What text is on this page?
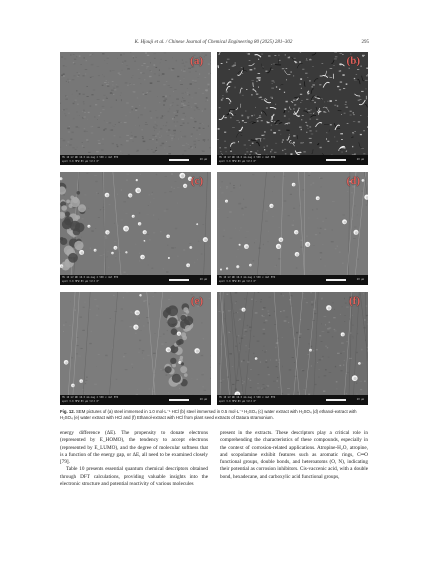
K. Hjouji et al. / Chinese Journal of Chemical Engineering 80 (2025) 281–302	295
(a)
HV 10 kV WD 10.0 mm mag 2 500 x det ETD
spot 3.0 HFW 83 µm tilt 0°
20 µm
(b)
HV 10 kV WD 10.0 mm mag 2 500 x det ETD
spot 3.0 HFW 83 µm tilt 0°
20 µm
(c)
HV 10 kV WD 10.0 mm mag 2 500 x det ETD
spot 3.0 HFW 83 µm tilt 0°
20 µm
(d)
HV 10 kV WD 10.0 mm mag 2 500 x det ETD
spot 3.0 HFW 83 µm tilt 0°
20 µm
(e)
HV 10 kV WD 10.0 mm mag 2 500 x det ETD
spot 3.0 HFW 83 µm tilt 0°
20 µm
(f)
HV 10 kV WD 10.0 mm mag 2 500 x det ETD
spot 3.0 HFW 83 µm tilt 0°
20 µm
Fig. 12. SEM pictures of (a) steel immersed in 1.0 mol·L⁻¹ HCl (b) steel immersed in 0.5 mol·L⁻¹ H₂SO₄ (c) water extract with H₂SO₄ (d) ethanol-extract with H₂SO₄ (e) water extract with HCl and (f) Ethanol-extract with HCl from plant seed extracts of Datura stramonium.

energy difference (ΔE). The propensity to donate electrons (represented by E_HOMO), the tendency to accept electrons (represented by E_LUMO), and the degree of molecular softness that is a function of the energy gap, or ΔE, all need to be examined closely [79].

Table 10 presents essential quantum chemical descriptors obtained through DFT calculations, providing valuable insights into the electronic structure and potential reactivity of various molecules

present in the extracts. These descriptors play a critical role in comprehending the characteristics of these compounds, especially in the context of corrosion-related applications. Atropine-H₂O, atropine, and scopolamine exhibit features such as aromatic rings, C═O functional groups, double bonds, and heteroatoms (O, N), indicating their potential as corrosion inhibitors. Cis-vaccenic acid, with a double bond, hexadecane, and carboxylic acid functional groups,
